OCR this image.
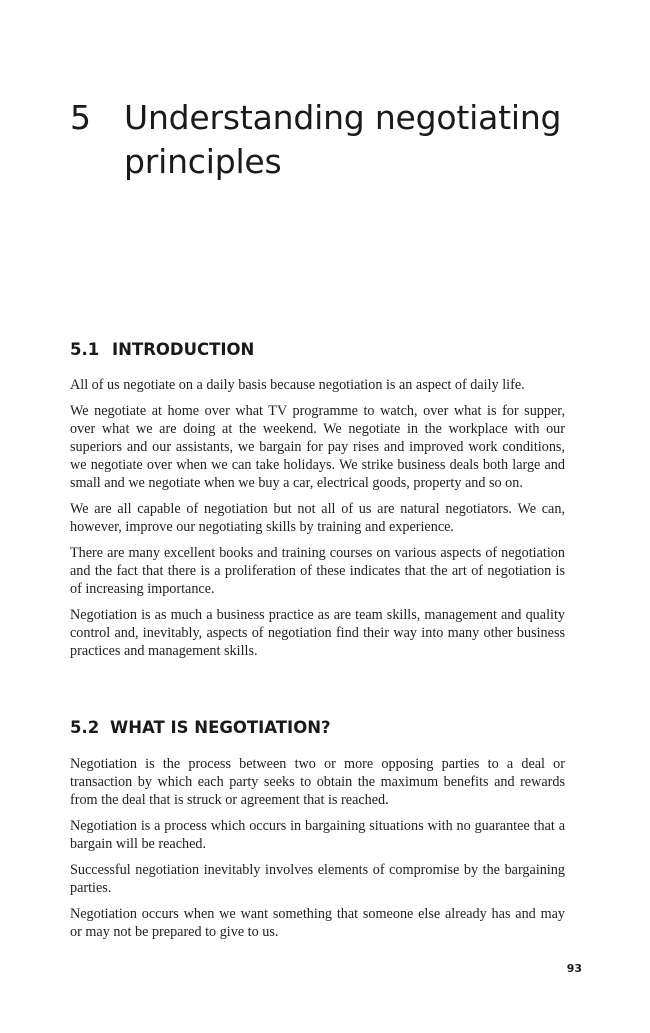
5	Understanding negotiating principles
5.1 INTRODUCTION

All of us negotiate on a daily basis because negotiation is an aspect of daily life.

We negotiate at home over what TV programme to watch, over what is for supper, over what we are doing at the weekend. We negotiate in the workplace with our superiors and our assistants, we bargain for pay rises and improved work conditions, we negotiate over when we can take holidays. We strike business deals both large and small and we negotiate when we buy a car, electrical goods, property and so on.

We are all capable of negotiation but not all of us are natural negotiators. We can, however, improve our negotiating skills by training and experience.

There are many excellent books and training courses on various aspects of negotiation and the fact that there is a proliferation of these indicates that the art of negotiation is of increasing importance.

Negotiation is as much a business practice as are team skills, management and quality control and, inevitably, aspects of negotiation find their way into many other business practices and management skills.

5.2 WHAT IS NEGOTIATION?

Negotiation is the process between two or more opposing parties to a deal or transaction by which each party seeks to obtain the maximum benefits and rewards from the deal that is struck or agreement that is reached.

Negotiation is a process which occurs in bargaining situations with no guarantee that a bargain will be reached.

Successful negotiation inevitably involves elements of compromise by the bargaining parties.

Negotiation occurs when we want something that someone else already has and may or may not be prepared to give to us.

93
